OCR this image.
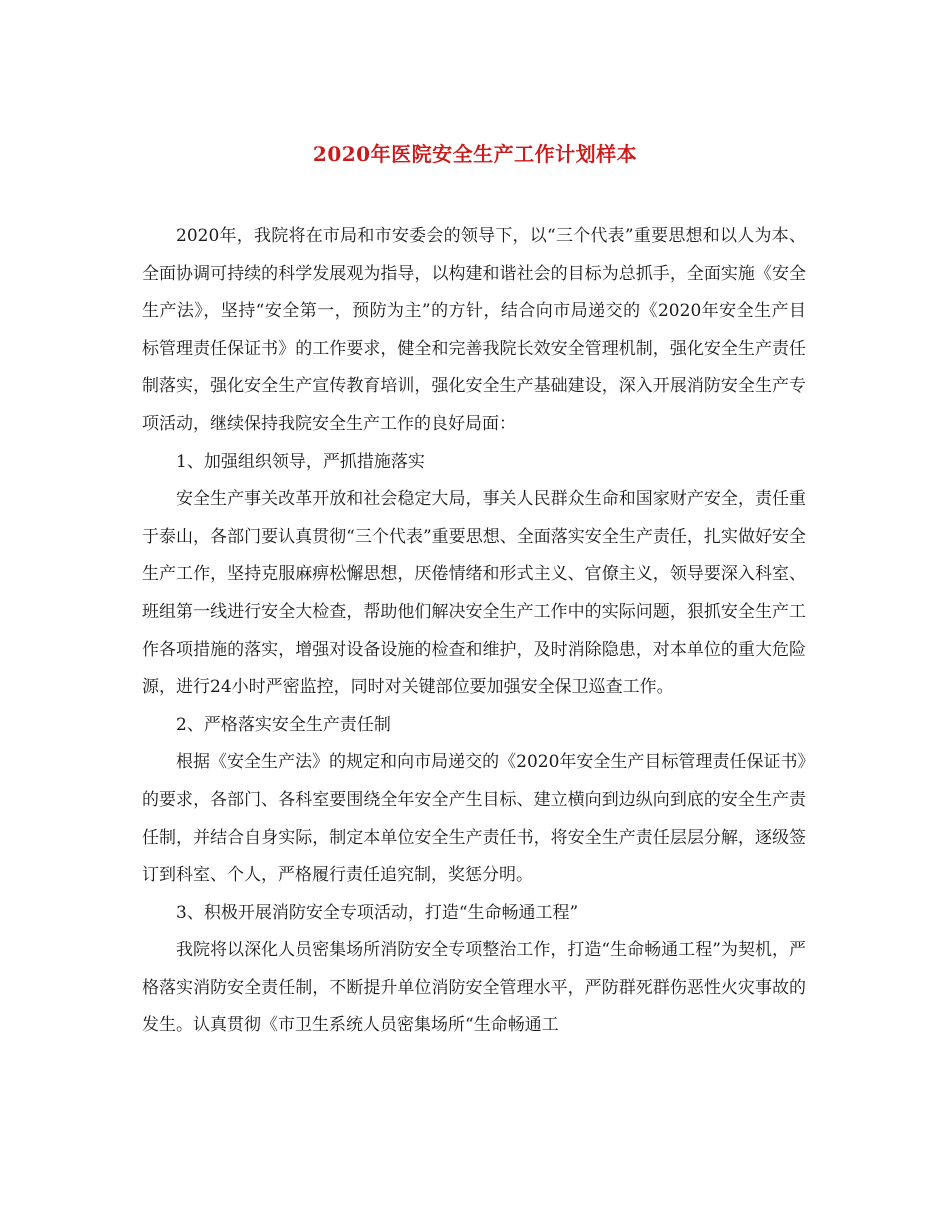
2020年医院安全生产工作计划样本

2020年，我院将在市局和市安委会的领导下，以“三个代表”重要思想和以人为本、全面协调可持续的科学发展观为指导，以构建和谐社会的目标为总抓手，全面实施《安全生产法》，坚持“安全第一，预防为主”的方针，结合向市局递交的《2020年安全生产目标管理责任保证书》的工作要求，健全和完善我院长效安全管理机制，强化安全生产责任制落实，强化安全生产宣传教育培训，强化安全生产基础建设，深入开展消防安全生产专项活动，继续保持我院安全生产工作的良好局面：

1、加强组织领导，严抓措施落实

安全生产事关改革开放和社会稳定大局，事关人民群众生命和国家财产安全，责任重于泰山，各部门要认真贯彻“三个代表”重要思想、全面落实安全生产责任，扎实做好安全生产工作，坚持克服麻痹松懈思想，厌倦情绪和形式主义、官僚主义，领导要深入科室、班组第一线进行安全大检查，帮助他们解决安全生产工作中的实际问题，狠抓安全生产工作各项措施的落实，增强对设备设施的检查和维护，及时消除隐患，对本单位的重大危险源，进行24小时严密监控，同时对关键部位要加强安全保卫巡查工作。

2、严格落实安全生产责任制

根据《安全生产法》的规定和向市局递交的《2020年安全生产目标管理责任保证书》的要求，各部门、各科室要围绕全年安全产生目标、建立横向到边纵向到底的安全生产责任制，并结合自身实际，制定本单位安全生产责任书，将安全生产责任层层分解，逐级签订到科室、个人，严格履行责任追究制，奖惩分明。

3、积极开展消防安全专项活动，打造“生命畅通工程”

我院将以深化人员密集场所消防安全专项整治工作，打造“生命畅通工程”为契机，严格落实消防安全责任制，不断提升单位消防安全管理水平，严防群死群伤恶性火灾事故的发生。认真贯彻《市卫生系统人员密集场所“生命畅通工
